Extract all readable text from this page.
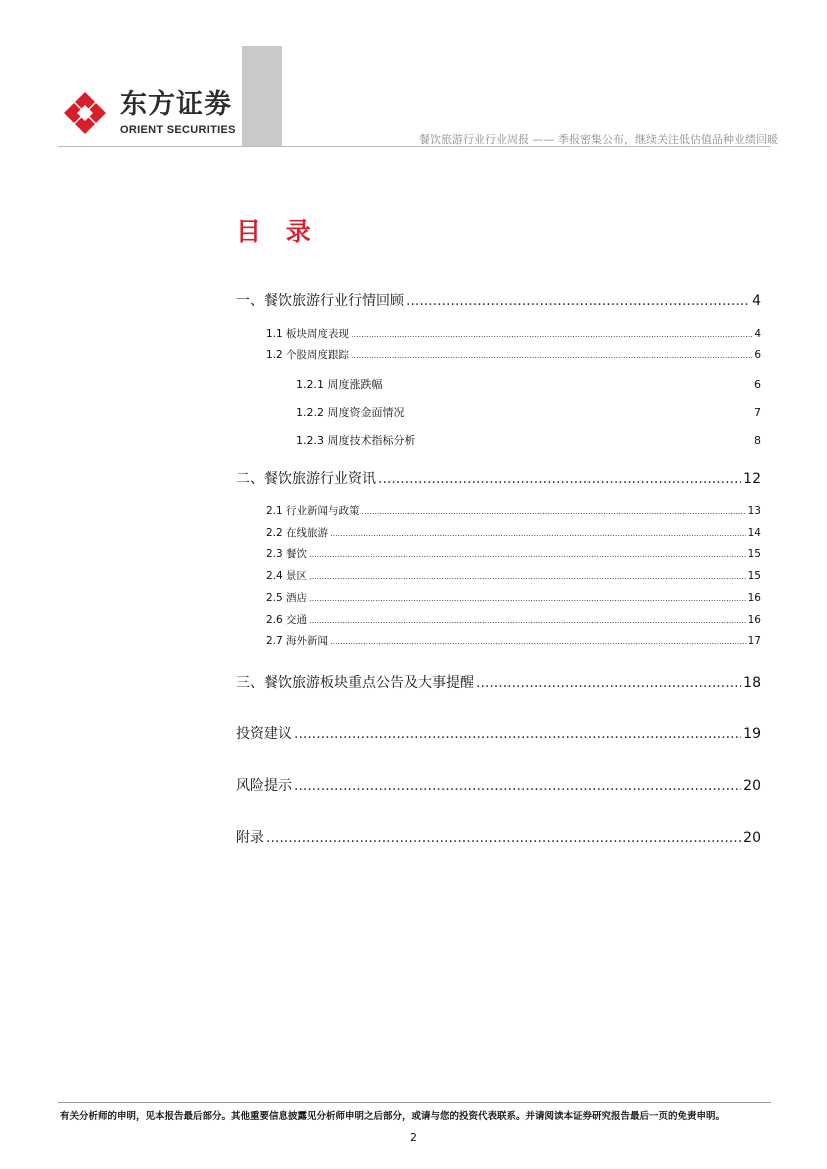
东方证劵
ORIENT SECURITIES
餐饮旅游行业行业周报 —— 季报密集公布，继续关注低估值品种业绩回暖
目 录
一、餐饮旅游行业行情回顾 .....	4
1.1 板块周度表现 .....	4
1.2 个股周度跟踪 .....	6
1.2.1 周度涨跌幅	6
1.2.2 周度资金面情况	7
1.2.3 周度技术指标分析	8
二、餐饮旅游行业资讯 .....	12
2.1 行业新闻与政策 .....	13
2.2 在线旅游 .....	14
2.3 餐饮 .....	15
2.4 景区 .....	15
2.5 酒店 .....	16
2.6 交通 .....	16
2.7 海外新闻 .....	17
三、餐饮旅游板块重点公告及大事提醒 .....	18
投资建议 .....	19
风险提示 .....	20
附录 .....	20
有关分析师的申明，见本报告最后部分。其他重要信息披露见分析师申明之后部分，或请与您的投资代表联系。并请阅读本证券研究报告最后一页的免责申明。
2
